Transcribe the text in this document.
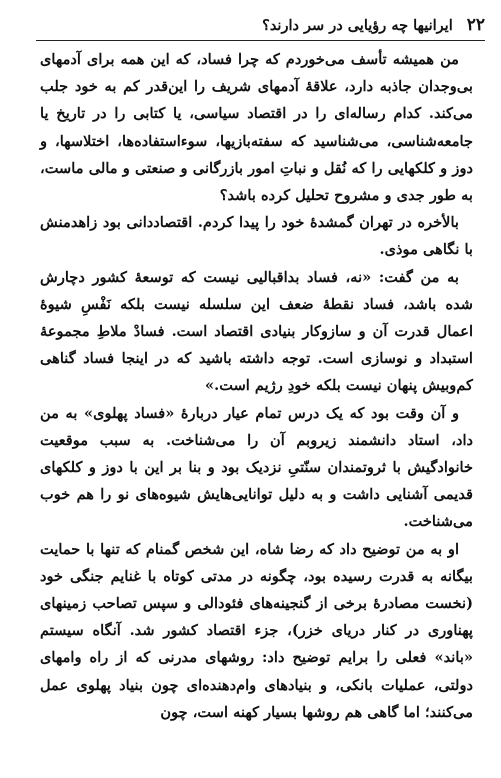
۲۲
ایرانیها چه رؤیایی در سر دارند؟

من همیشه تأسف می‌خوردم که چرا فساد، که این همه برای آدمهای بی‌وجدان جاذبه دارد، علاقهٔ آدمهای شریف را این‌قدر کم به خود جلب می‌کند. کدام رساله‌ای را در اقتصاد سیاسی، یا کتابی را در تاریخ یا جامعه‌شناسی، می‌شناسید که سفته‌بازیها، سوءاستفاده‌ها، اختلاسها، و دوز و کلکهایی را که نُقل و نباتِ امور بازرگانی و صنعتی و مالی ماست، به طور جدی و مشروح تحلیل کرده باشد؟

بالأخره در تهران گمشدهٔ خود را پیدا کردم. اقتصاددانی بود زاهدمنش با نگاهی موذی.

به من گفت: «نه، فساد بداقبالیی نیست که توسعهٔ کشور دچارش شده باشد، فساد نقطهٔ ضعف این سلسله نیست بلکه نَفْسِ شیوهٔ اعمال قدرت آن و سازوکار بنیادی اقتصاد است. فسادْ ملاطِ مجموعهٔ استبداد و نوسازی است. توجه داشته باشید که در اینجا فساد گناهی کم‌وبیش پنهان نیست بلکه خودِ رژیم است.»

و آن وقت بود که یک درس تمام عیار دربارهٔ «فساد پهلوی» به من داد، استاد دانشمند زیروبم آن را می‌شناخت. به سبب موقعیت خانوادگیش با ثروتمندان سنّتیِ نزدیک بود و بنا بر این با دوز و کلکهای قدیمی آشنایی داشت و به دلیل توانایی‌هایش شیوه‌های نو را هم خوب می‌شناخت.

او به من توضیح داد که رضا شاه، این شخص گمنام که تنها با حمایت بیگانه به قدرت رسیده بود، چگونه در مدتی کوتاه با غنایم جنگی خود (نخست مصادرهٔ برخی از گنجینه‌های فئودالی و سپس تصاحب زمینهای پهناوری در کنار دریای خزر)، جزء اقتصاد کشور شد. آنگاه سیستم «باند» فعلی را برایم توضیح داد: روشهای مدرنی که از راه وامهای دولتی، عملیات بانکی، و بنیادهای وام‌دهنده‌ای چون بنیاد پهلوی عمل می‌کنند؛ اما گاهی هم روشها بسیار کهنه است، چون
